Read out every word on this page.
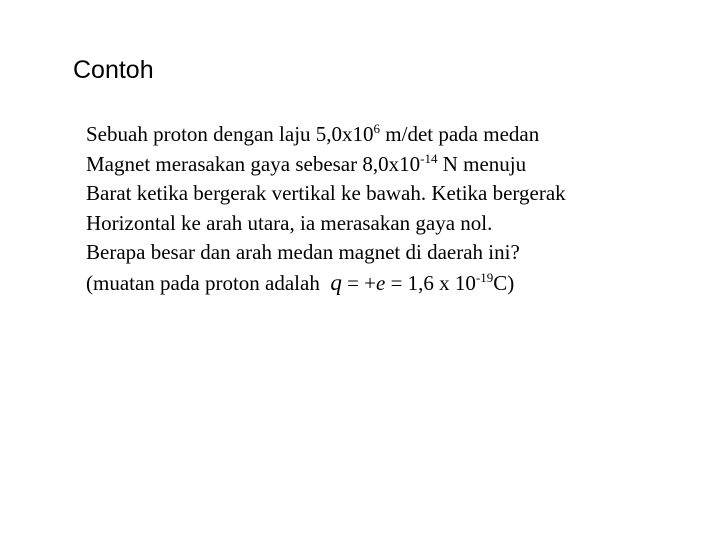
Contoh
Sebuah proton dengan laju $5,0x10^6$ m/det pada medan
Magnet merasakan gaya sebesar $8,0x10^{-14}$ N menuju
Barat ketika bergerak vertikal ke bawah. Ketika bergerak
Horizontal ke arah utara, ia merasakan gaya nol.
Berapa besar dan arah medan magnet di daerah ini?
(muatan pada proton adalah  q = +e = 1,6 x $10^{-19}C$)
